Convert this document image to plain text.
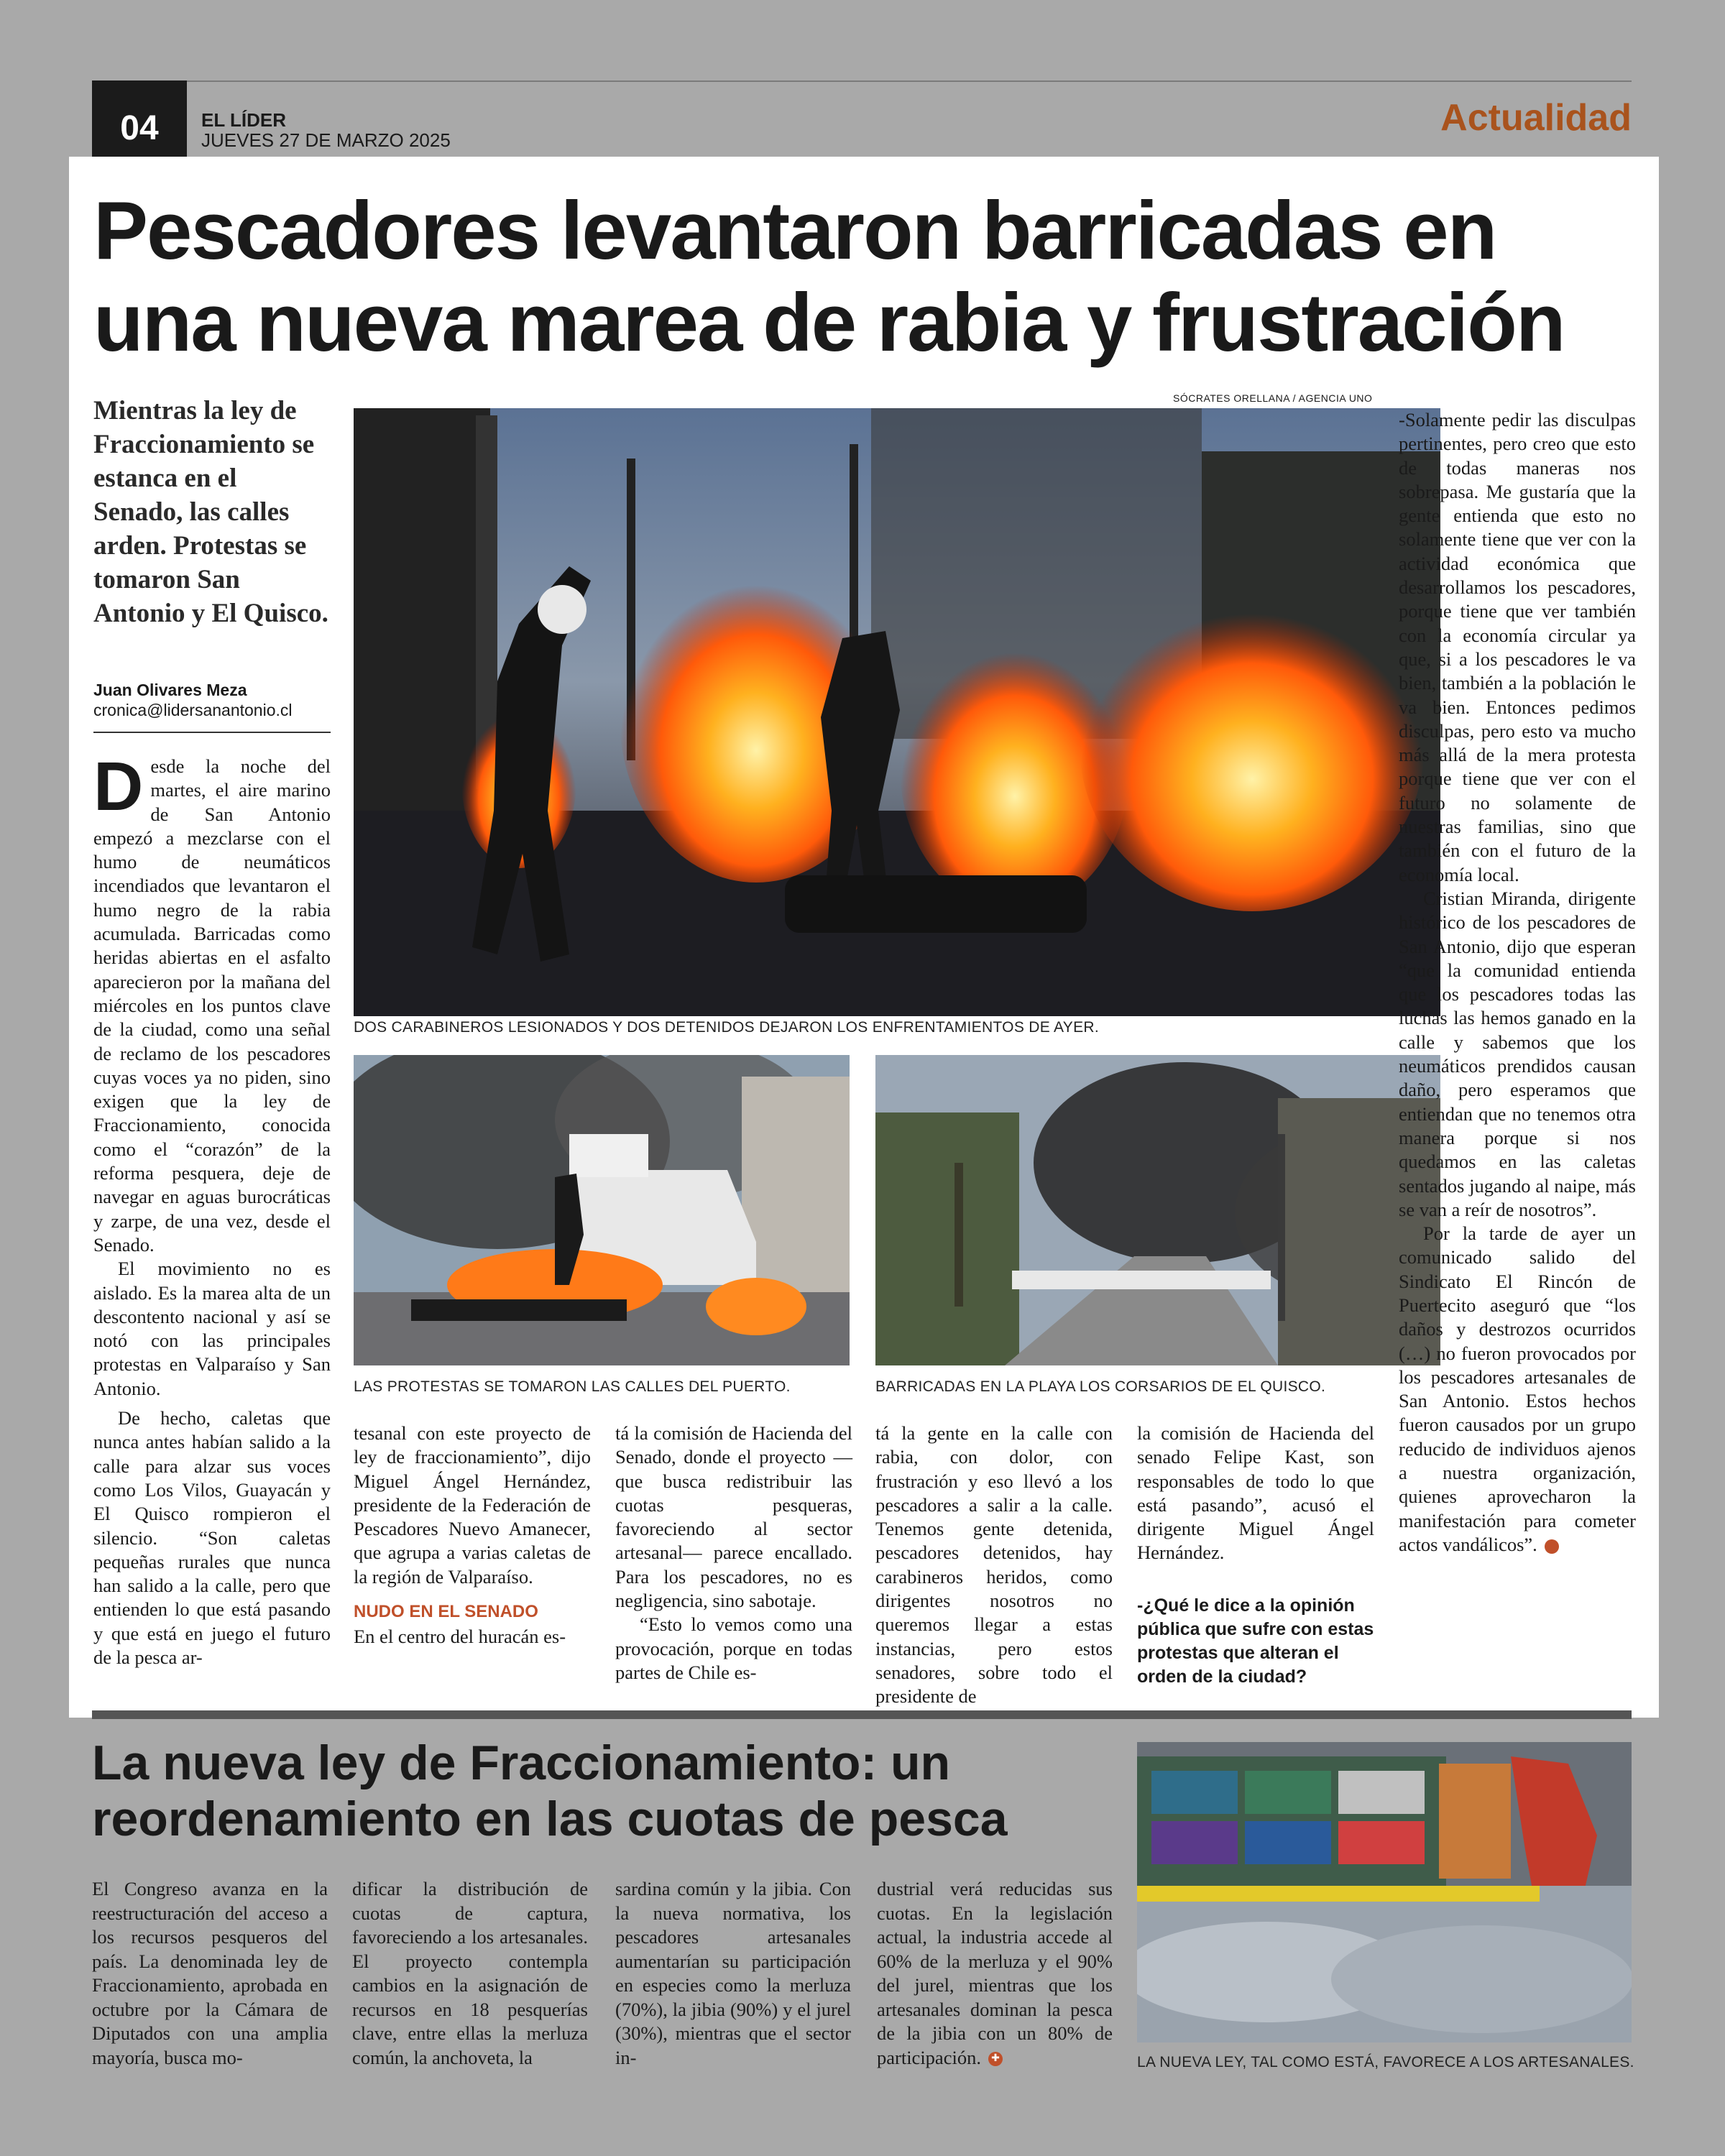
04	EL LÍDER
JUEVES 27 DE MARZO 2025
Actualidad
Pescadores levantaron barricadas en una nueva marea de rabia y frustración
Mientras la ley de Fraccionamiento se estanca en el Senado, las calles arden. Protestas se tomaron San Antonio y El Quisco.
Juan Olivares Meza
cronica@lidersanantonio.cl

Desde la noche del martes, el aire marino de San Antonio empezó a mezclarse con el humo de neumáticos incendiados que levantaron el humo negro de la rabia acumulada. Barricadas como heridas abiertas en el asfalto aparecieron por la mañana del miércoles en los puntos clave de la ciudad, como una señal de reclamo de los pescadores cuyas voces ya no piden, sino exigen que la ley de Fraccionamiento, conocida como el “corazón” de la reforma pesquera, deje de navegar en aguas burocráticas y zarpe, de una vez, desde el Senado.

El movimiento no es aislado. Es la marea alta de un descontento nacional y así se notó con las principales protestas en Valparaíso y San Antonio.

De hecho, caletas que nunca antes habían salido a la calle para alzar sus voces como Los Vilos, Guayacán y El Quisco rompieron el silencio. “Son caletas pequeñas rurales que nunca han salido a la calle, pero que entienden lo que está pasando y que está en juego el futuro de la pesca ar-

SÓCRATES ORELLANA / AGENCIA UNO
DOS CARABINEROS LESIONADOS Y DOS DETENIDOS DEJARON LOS ENFRENTAMIENTOS DE AYER.
LAS PROTESTAS SE TOMARON LAS CALLES DEL PUERTO.	BARRICADAS EN LA PLAYA LOS CORSARIOS DE EL QUISCO.

tesanal con este proyecto de ley de fraccionamiento”, dijo Miguel Ángel Hernández, presidente de la Federación de Pescadores Nuevo Amanecer, que agrupa a varias caletas de la región de Valparaíso.

NUDO EN EL SENADO

En el centro del huracán es-

tá la comisión de Hacienda del Senado, donde el proyecto —que busca redistribuir las cuotas pesqueras, favoreciendo al sector artesanal— parece encallado. Para los pescadores, no es negligencia, sino sabotaje.

“Esto lo vemos como una provocación, porque en todas partes de Chile es-

tá la gente en la calle con rabia, con dolor, con frustración y eso llevó a los pescadores a salir a la calle. Tenemos gente detenida, pescadores detenidos, hay carabineros heridos, como dirigentes nosotros no queremos llegar a estas instancias, pero estos senadores, sobre todo el presidente de

la comisión de Hacienda del senado Felipe Kast, son responsables de todo lo que está pasando”, acusó el dirigente Miguel Ángel Hernández.

-¿Qué le dice a la opinión pública que sufre con estas protestas que alteran el orden de la ciudad?

-Solamente pedir las disculpas pertinentes, pero creo que esto de todas maneras nos sobrepasa. Me gustaría que la gente entienda que esto no solamente tiene que ver con la actividad económica que desarrollamos los pescadores, porque tiene que ver también con la economía circular ya que, si a los pescadores le va bien, también a la población le va bien. Entonces pedimos disculpas, pero esto va mucho más allá de la mera protesta porque tiene que ver con el futuro no solamente de nuestras familias, sino que también con el futuro de la economía local.

Cristian Miranda, dirigente histórico de los pescadores de San Antonio, dijo que esperan “que la comunidad entienda que los pescadores todas las luchas las hemos ganado en la calle y sabemos que los neumáticos prendidos causan daño, pero esperamos que entiendan que no tenemos otra manera porque si nos quedamos en las caletas sentados jugando al naipe, más se van a reír de nosotros”.

Por la tarde de ayer un comunicado salido del Sindicato El Rincón de Puertecito aseguró que “los daños y destrozos ocurridos (…) no fueron provocados por los pescadores artesanales de San Antonio. Estos hechos fueron causados por un grupo reducido de individuos ajenos a nuestra organización, quienes aprovecharon la manifestación para cometer actos vandálicos”.	✚

La nueva ley de Fraccionamiento: un reordenamiento en las cuotas de pesca
El Congreso avanza en la reestructuración del acceso a los recursos pesqueros del país. La denominada ley de Fraccionamiento, aprobada en octubre por la Cámara de Diputados con una amplia mayoría, busca mo-
dificar la distribución de cuotas de captura, favoreciendo a los artesanales. El proyecto contempla cambios en la asignación de recursos en 18 pesquerías clave, entre ellas la merluza común, la anchoveta, la
sardina común y la jibia. Con la nueva normativa, los pescadores artesanales aumentarían su participación en especies como la merluza (70%), la jibia (90%) y el jurel (30%), mientras que el sector in-
dustrial verá reducidas sus cuotas. En la legislación actual, la industria accede al 60% de la merluza y el 90% del jurel, mientras que los artesanales dominan la pesca de la jibia con un 80% de participación. ✚	LA NUEVA LEY, TAL COMO ESTÁ, FAVORECE A LOS ARTESANALES.
